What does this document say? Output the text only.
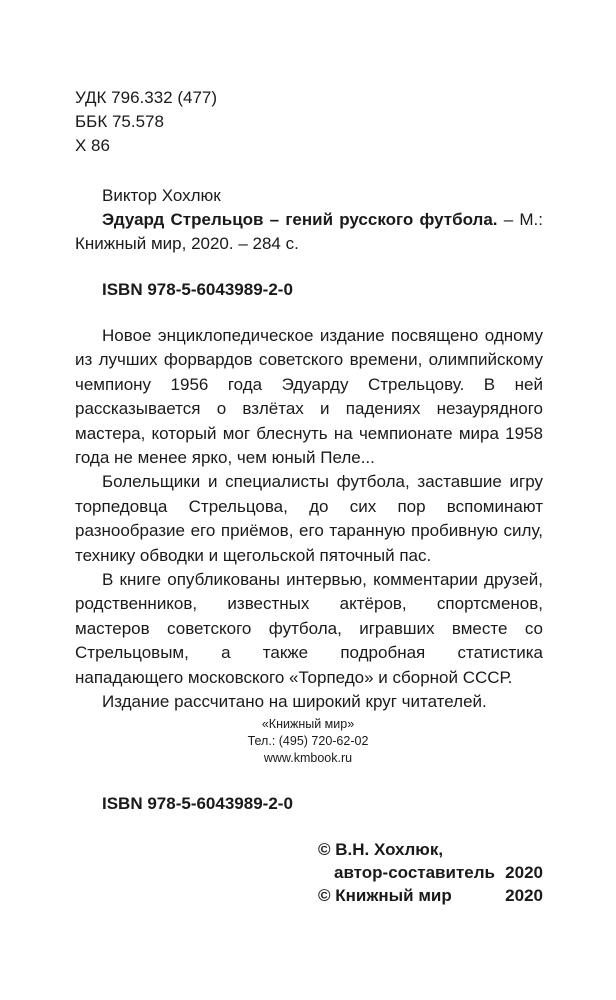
УДК 796.332 (477)
ББК 75.578
Х 86
Виктор Хохлюк
Эдуард Стрельцов – гений русского футбола. – М.: Книжный мир, 2020. – 284 с.
ISBN 978-5-6043989-2-0

Новое энциклопедическое издание посвящено одному из лучших форвардов советского времени, олимпийскому чемпиону 1956 года Эдуарду Стрельцову. В ней рассказывается о взлётах и падениях незаурядного мастера, который мог блеснуть на чемпионате мира 1958 года не менее ярко, чем юный Пеле...

Болельщики и специалисты футбола, заставшие игру торпедовца Стрельцова, до сих пор вспоминают разнообразие его приёмов, его таранную пробивную силу, технику обводки и щегольской пяточный пас.

В книге опубликованы интервью, комментарии друзей, родственников, известных актёров, спортсменов, мастеров советского футбола, игравших вместе со Стрельцовым, а также подробная статистика нападающего московского «Торпедо» и сборной СССР.

Издание рассчитано на широкий круг читателей.

«Книжный мир»
Тел.: (495) 720-62-02
www.kmbook.ru
ISBN 978-5-6043989-2-0
© В.Н. Хохлюк,
автор-составитель 2020
© Книжный мир	2020
